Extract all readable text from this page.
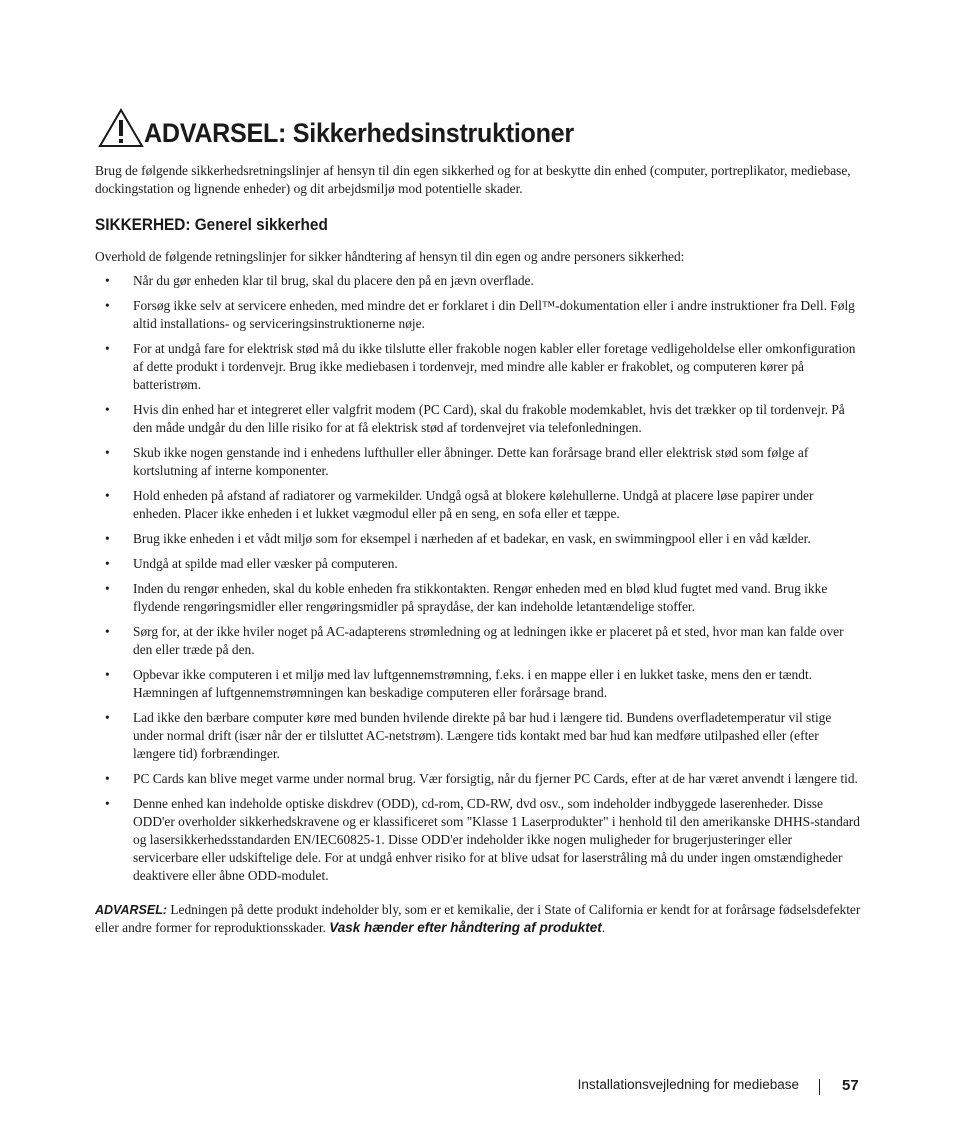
ADVARSEL: Sikkerhedsinstruktioner
Brug de følgende sikkerhedsretningslinjer af hensyn til din egen sikkerhed og for at beskytte din enhed (computer, portreplikator, mediebase, dockingstation og lignende enheder) og dit arbejdsmiljø mod potentielle skader.
SIKKERHED: Generel sikkerhed
Overhold de følgende retningslinjer for sikker håndtering af hensyn til din egen og andre personers sikkerhed:
• Når du gør enheden klar til brug, skal du placere den på en jævn overflade.
• Forsøg ikke selv at servicere enheden, med mindre det er forklaret i din Dell™-dokumentation eller i andre instruktioner fra Dell. Følg altid installations- og serviceringsinstruktionerne nøje.
• For at undgå fare for elektrisk stød må du ikke tilslutte eller frakoble nogen kabler eller foretage vedligeholdelse eller omkonfiguration af dette produkt i tordenvejr. Brug ikke mediebasen i tordenvejr, med mindre alle kabler er frakoblet, og computeren kører på batteristrøm.
• Hvis din enhed har et integreret eller valgfrit modem (PC Card), skal du frakoble modemkablet, hvis det trækker op til tordenvejr. På den måde undgår du den lille risiko for at få elektrisk stød af tordenvejret via telefonledningen.
• Skub ikke nogen genstande ind i enhedens lufthuller eller åbninger. Dette kan forårsage brand eller elektrisk stød som følge af kortslutning af interne komponenter.
• Hold enheden på afstand af radiatorer og varmekilder. Undgå også at blokere kølehullerne. Undgå at placere løse papirer under enheden. Placer ikke enheden i et lukket vægmodul eller på en seng, en sofa eller et tæppe.
• Brug ikke enheden i et vådt miljø som for eksempel i nærheden af et badekar, en vask, en swimmingpool eller i en våd kælder.
• Undgå at spilde mad eller væsker på computeren.
• Inden du rengør enheden, skal du koble enheden fra stikkontakten. Rengør enheden med en blød klud fugtet med vand. Brug ikke flydende rengøringsmidler eller rengøringsmidler på spraydåse, der kan indeholde letantændelige stoffer.
• Sørg for, at der ikke hviler noget på AC-adapterens strømledning og at ledningen ikke er placeret på et sted, hvor man kan falde over den eller træde på den.
• Opbevar ikke computeren i et miljø med lav luftgennemstrømning, f.eks. i en mappe eller i en lukket taske, mens den er tændt. Hæmningen af luftgennemstrømningen kan beskadige computeren eller forårsage brand.
• Lad ikke den bærbare computer køre med bunden hvilende direkte på bar hud i længere tid. Bundens overfladetemperatur vil stige under normal drift (især når der er tilsluttet AC-netstrøm). Længere tids kontakt med bar hud kan medføre utilpashed eller (efter længere tid) forbrændinger.
• PC Cards kan blive meget varme under normal brug. Vær forsigtig, når du fjerner PC Cards, efter at de har været anvendt i længere tid.
• Denne enhed kan indeholde optiske diskdrev (ODD), cd-rom, CD-RW, dvd osv., som indeholder indbyggede laserenheder. Disse ODD'er overholder sikkerhedskravene og er klassificeret som "Klasse 1 Laserprodukter" i henhold til den amerikanske DHHS-standard og lasersikkerhedsstandarden EN/IEC60825-1. Disse ODD'er indeholder ikke nogen muligheder for brugerjusteringer eller servicerbare eller udskiftelige dele. For at undgå enhver risiko for at blive udsat for laserstråling må du under ingen omstændigheder deaktivere eller åbne ODD-modulet.
ADVARSEL: Ledningen på dette produkt indeholder bly, som er et kemikalie, der i State of California er kendt for at forårsage fødselsdefekter eller andre former for reproduktionsskader. Vask hænder efter håndtering af produktet.
Installationsvejledning for mediebase	57
